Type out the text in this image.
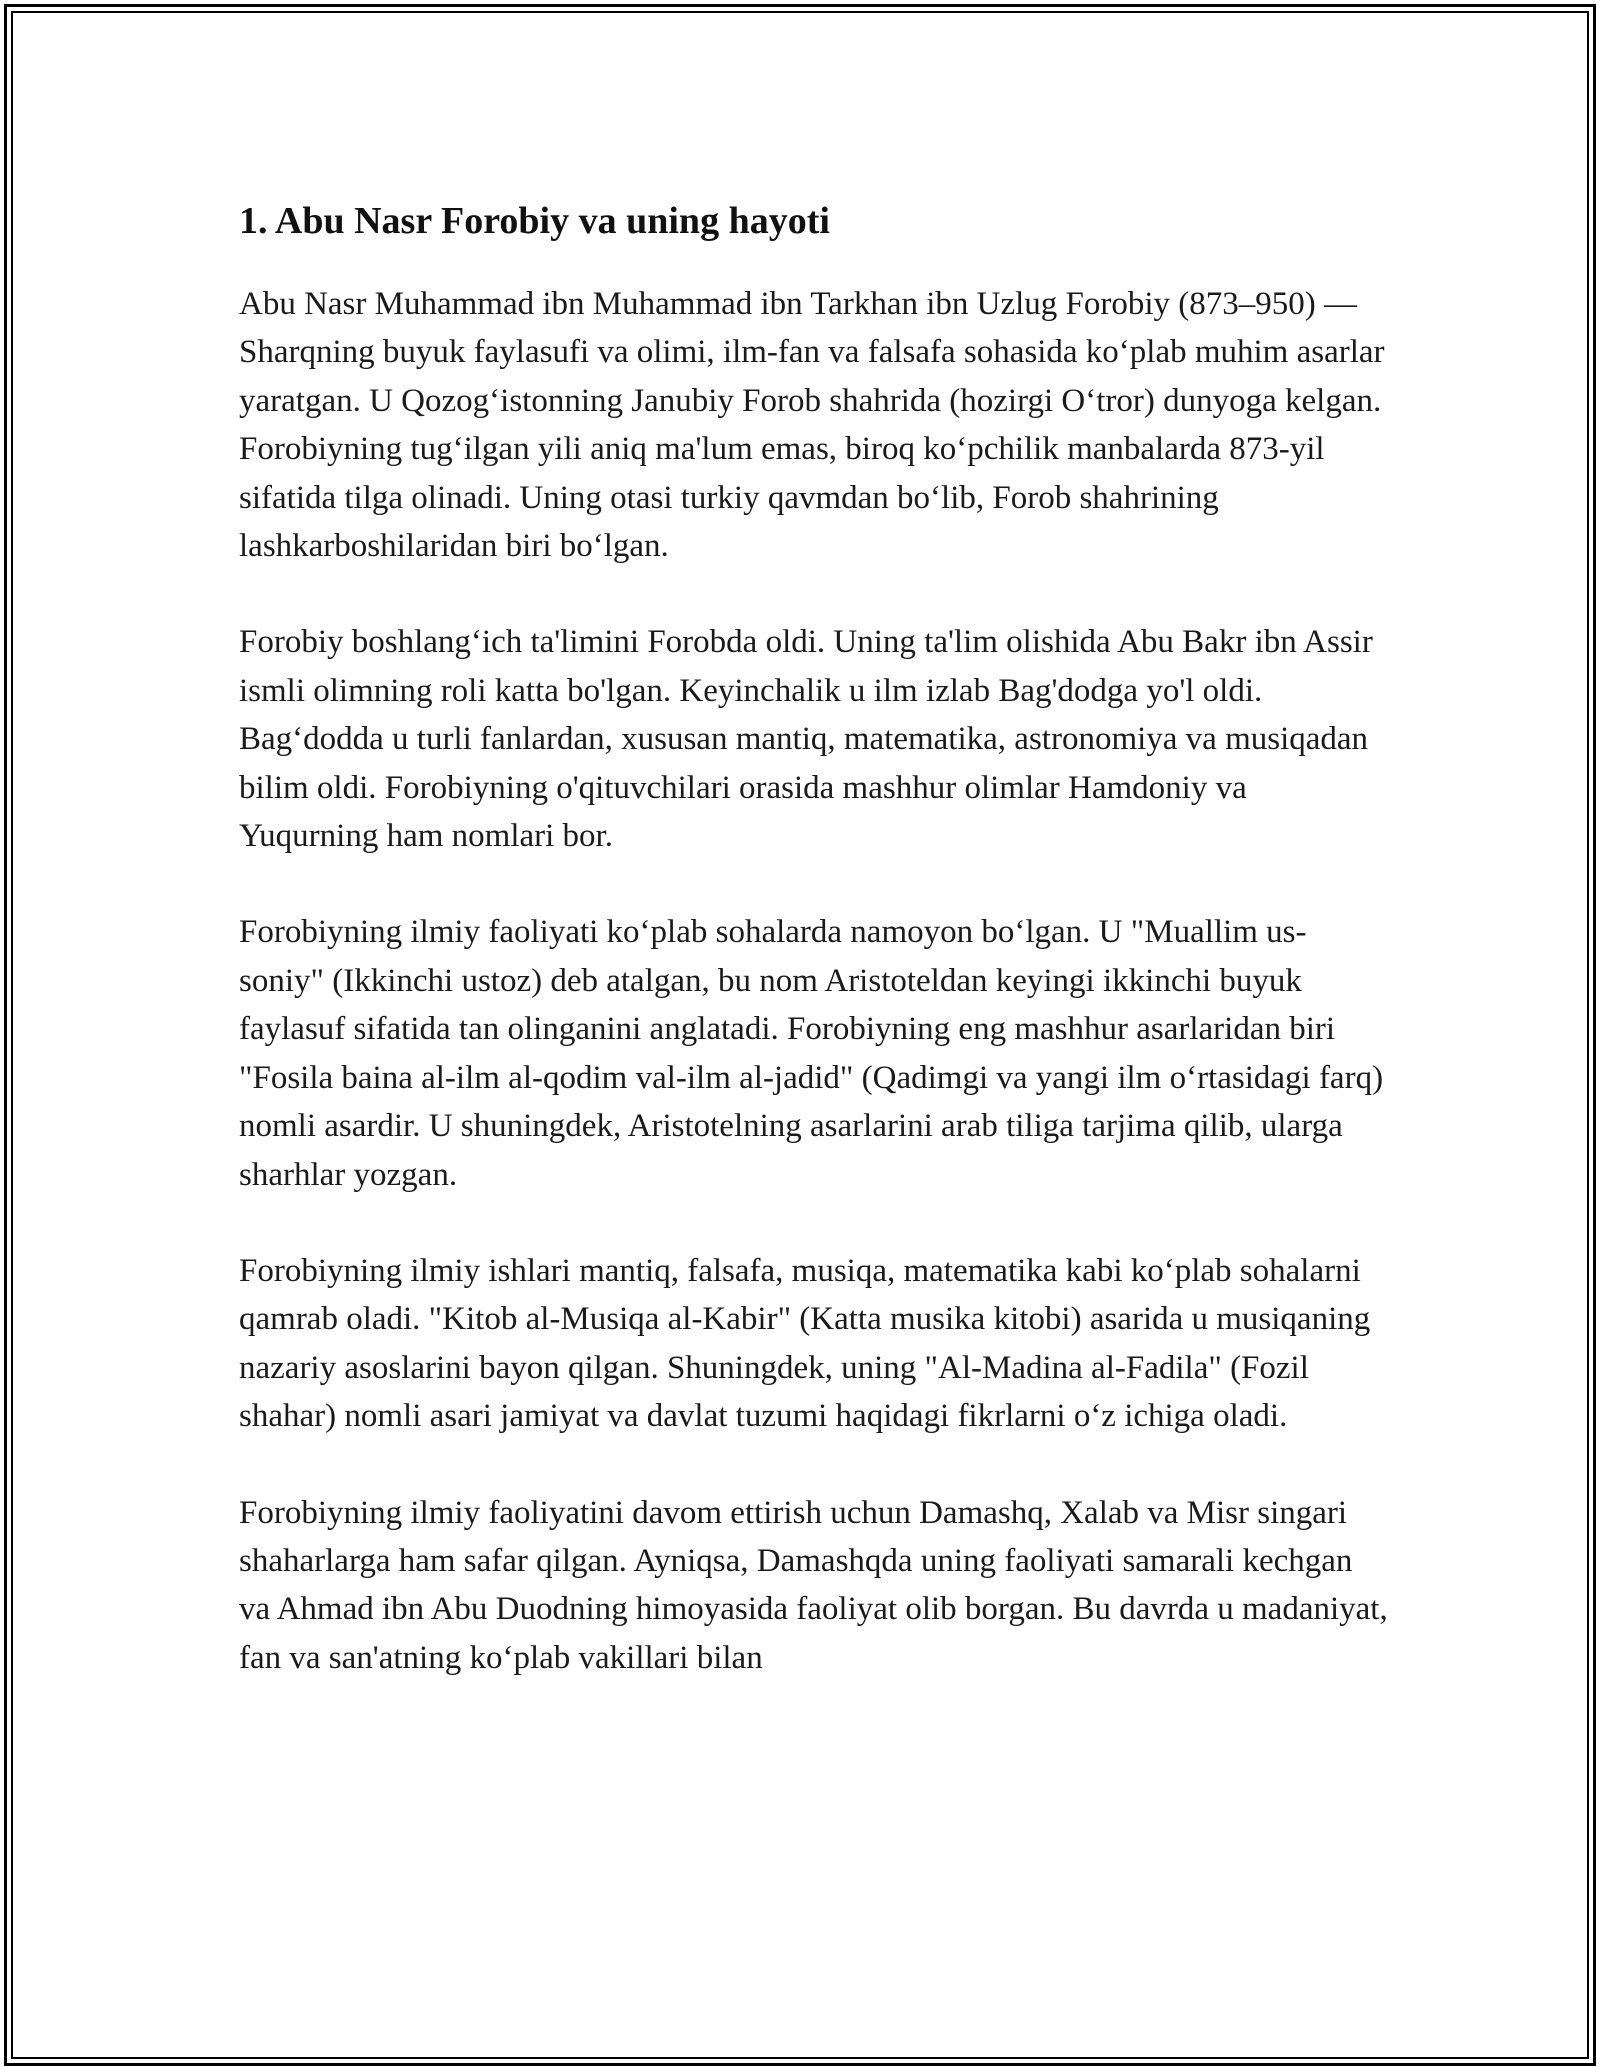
1. Abu Nasr Forobiy va uning hayoti

Abu Nasr Muhammad ibn Muhammad ibn Tarkhan ibn Uzlug Forobiy (873–950) — Sharqning buyuk faylasufi va olimi, ilm-fan va falsafa sohasida ko‘plab muhim asarlar yaratgan. U Qozog‘istonning Janubiy Forob shahrida (hozirgi O‘tror) dunyoga kelgan. Forobiyning tug‘ilgan yili aniq ma'lum emas, biroq ko‘pchilik manbalarda 873-yil sifatida tilga olinadi. Uning otasi turkiy qavmdan bo‘lib, Forob shahrining lashkarboshilaridan biri bo‘lgan.

Forobiy boshlang‘ich ta'limini Forobda oldi. Uning ta'lim olishida Abu Bakr ibn Assir ismli olimning roli katta bo'lgan. Keyinchalik u ilm izlab Bag'dodga yo'l oldi. Bag‘dodda u turli fanlardan, xususan mantiq, matematika, astronomiya va musiqadan bilim oldi. Forobiyning o'qituvchilari orasida mashhur olimlar Hamdoniy va Yuqurning ham nomlari bor.

Forobiyning ilmiy faoliyati ko‘plab sohalarda namoyon bo‘lgan. U "Muallim us-soniy" (Ikkinchi ustoz) deb atalgan, bu nom Aristoteldan keyingi ikkinchi buyuk faylasuf sifatida tan olinganini anglatadi. Forobiyning eng mashhur asarlaridan biri "Fosila baina al-ilm al-qodim val-ilm al-jadid" (Qadimgi va yangi ilm o‘rtasidagi farq) nomli asardir. U shuningdek, Aristotelning asarlarini arab tiliga tarjima qilib, ularga sharhlar yozgan.

Forobiyning ilmiy ishlari mantiq, falsafa, musiqa, matematika kabi ko‘plab sohalarni qamrab oladi. "Kitob al-Musiqa al-Kabir" (Katta musika kitobi) asarida u musiqaning nazariy asoslarini bayon qilgan. Shuningdek, uning "Al-Madina al-Fadila" (Fozil shahar) nomli asari jamiyat va davlat tuzumi haqidagi fikrlarni o‘z ichiga oladi.

Forobiyning ilmiy faoliyatini davom ettirish uchun Damashq, Xalab va Misr singari shaharlarga ham safar qilgan. Ayniqsa, Damashqda uning faoliyati samarali kechgan va Ahmad ibn Abu Duodning himoyasida faoliyat olib borgan. Bu davrda u madaniyat, fan va san'atning ko‘plab vakillari bilan
